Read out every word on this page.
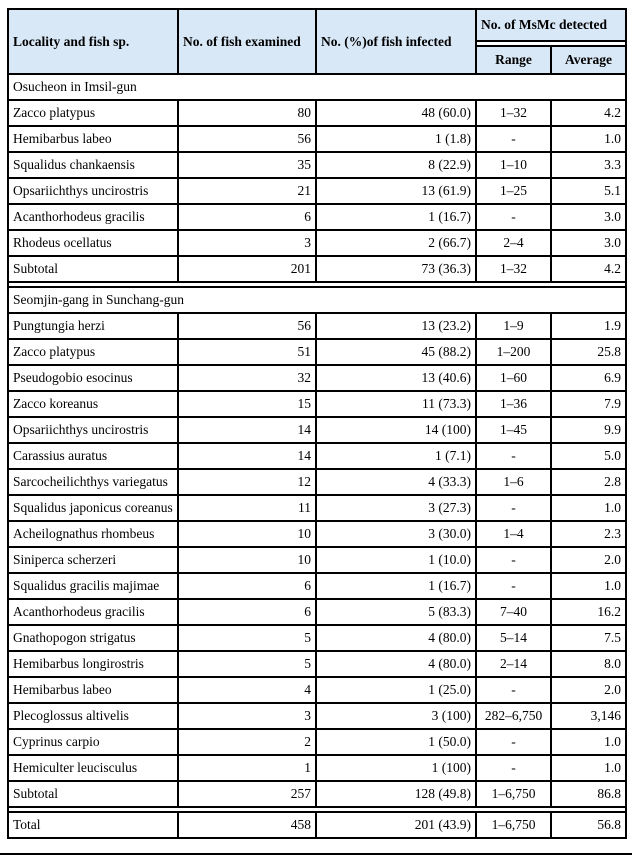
Locality and fish sp.	No. of fish examined	No. (%)of fish infected	No. of MsMc detected	

			Range	Average
Osucheon in Imsil-gun				
Zacco platypus	80	48 (60.0)	1–32	4.2
Hemibarbus labeo	56	1 (1.8)	-	1.0
Squalidus chankaensis	35	8 (22.9)	1–10	3.3
Opsariichthys uncirostris	21	13 (61.9)	1–25	5.1
Acanthorhodeus gracilis	6	1 (16.7)	-	3.0
Rhodeus ocellatus	3	2 (66.7)	2–4	3.0
Subtotal	201	73 (36.3)	1–32	4.2

Seomjin-gang in Sunchang-gun				
Pungtungia herzi	56	13 (23.2)	1–9	1.9
Zacco platypus	51	45 (88.2)	1–200	25.8
Pseudogobio esocinus	32	13 (40.6)	1–60	6.9
Zacco koreanus	15	11 (73.3)	1–36	7.9
Opsariichthys uncirostris	14	14 (100)	1–45	9.9
Carassius auratus	14	1 (7.1)	-	5.0
Sarcocheilichthys variegatus	12	4 (33.3)	1–6	2.8
Squalidus japonicus coreanus	11	3 (27.3)	-	1.0
Acheilognathus rhombeus	10	3 (30.0)	1–4	2.3
Siniperca scherzeri	10	1 (10.0)	-	2.0
Squalidus gracilis majimae	6	1 (16.7)	-	1.0
Acanthorhodeus gracilis	6	5 (83.3)	7–40	16.2
Gnathopogon strigatus	5	4 (80.0)	5–14	7.5
Hemibarbus longirostris	5	4 (80.0)	2–14	8.0
Hemibarbus labeo	4	1 (25.0)	-	2.0
Plecoglossus altivelis	3	3 (100)	282–6,750	3,146
Cyprinus carpio	2	1 (50.0)	-	1.0
Hemiculter leucisculus	1	1 (100)	-	1.0
Subtotal	257	128 (49.8)	1–6,750	86.8

Total	458	201 (43.9)	1–6,750	56.8
